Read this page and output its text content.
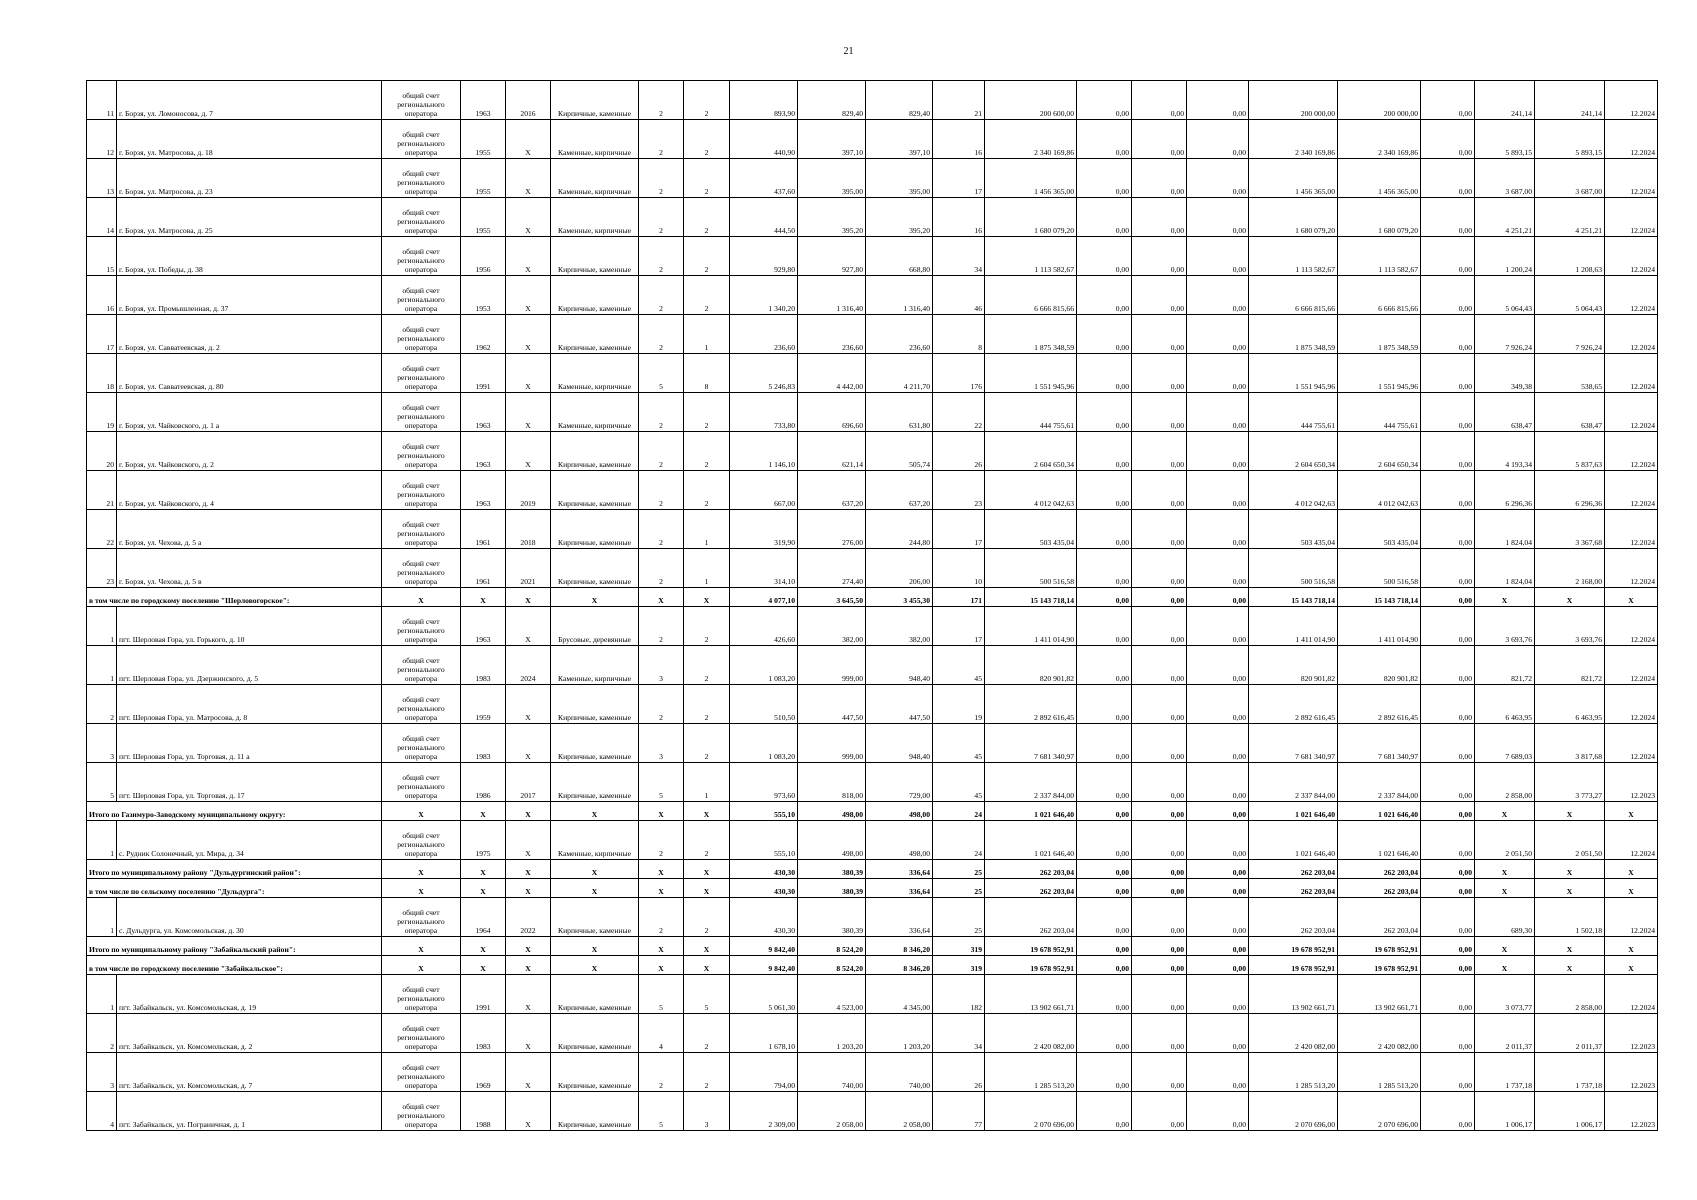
21
11	г. Борзя, ул. Ломоносова, д. 7	общий счет регионального оператора	1963	2016	Кирпичные, каменные	2	2	893,90	829,40	829,40	21	200 600,00	0,00	0,00	0,00	200 000,00	200 000,00	0,00	241,14	241,14	12.2024
12	г. Борзя, ул. Матросова, д. 18	общий счет регионального оператора	1955	Х	Каменные, кирпичные	2	2	440,90	397,10	397,10	16	2 340 169,86	0,00	0,00	0,00	2 340 169,86	2 340 169,86	0,00	5 893,15	5 893,15	12.2024
13	г. Борзя, ул. Матросова, д. 23	общий счет регионального оператора	1955	Х	Каменные, кирпичные	2	2	437,60	395,00	395,00	17	1 456 365,00	0,00	0,00	0,00	1 456 365,00	1 456 365,00	0,00	3 687,00	3 687,00	12.2024
14	г. Борзя, ул. Матросова, д. 25	общий счет регионального оператора	1955	Х	Каменные, кирпичные	2	2	444,50	395,20	395,20	16	1 680 079,20	0,00	0,00	0,00	1 680 079,20	1 680 079,20	0,00	4 251,21	4 251,21	12.2024
15	г. Борзя, ул. Победы, д. 38	общий счет регионального оператора	1956	Х	Кирпичные, каменные	2	2	929,80	927,80	668,80	34	1 113 582,67	0,00	0,00	0,00	1 113 582,67	1 113 582,67	0,00	1 200,24	1 208,63	12.2024
16	г. Борзя, ул. Промышленная, д. 37	общий счет регионального оператора	1953	Х	Кирпичные, каменные	2	2	1 340,20	1 316,40	1 316,40	46	6 666 815,66	0,00	0,00	0,00	6 666 815,66	6 666 815,66	0,00	5 064,43	5 064,43	12.2024
17	г. Борзя, ул. Савватеевская, д. 2	общий счет регионального оператора	1962	Х	Кирпичные, каменные	2	1	236,60	236,60	236,60	8	1 875 348,59	0,00	0,00	0,00	1 875 348,59	1 875 348,59	0,00	7 926,24	7 926,24	12.2024
18	г. Борзя, ул. Савватеевская, д. 80	общий счет регионального оператора	1991	Х	Каменные, кирпичные	5	8	5 246,83	4 442,00	4 211,70	176	1 551 945,96	0,00	0,00	0,00	1 551 945,96	1 551 945,96	0,00	349,38	538,65	12.2024
19	г. Борзя, ул. Чайковского, д. 1 а	общий счет регионального оператора	1963	Х	Каменные, кирпичные	2	2	733,80	696,60	631,80	22	444 755,61	0,00	0,00	0,00	444 755,61	444 755,61	0,00	638,47	638,47	12.2024
20	г. Борзя, ул. Чайковского, д. 2	общий счет регионального оператора	1963	Х	Кирпичные, каменные	2	2	1 146,10	621,14	505,74	26	2 604 650,34	0,00	0,00	0,00	2 604 650,34	2 604 650,34	0,00	4 193,34	5 837,63	12.2024
21	г. Борзя, ул. Чайковского, д. 4	общий счет регионального оператора	1963	2019	Кирпичные, каменные	2	2	667,00	637,20	637,20	23	4 012 042,63	0,00	0,00	0,00	4 012 042,63	4 012 042,63	0,00	6 296,36	6 296,36	12.2024
22	г. Борзя, ул. Чехова, д. 5 а	общий счет регионального оператора	1961	2018	Кирпичные, каменные	2	1	319,90	276,00	244,80	17	503 435,04	0,00	0,00	0,00	503 435,04	503 435,04	0,00	1 824,04	3 367,68	12.2024
23	г. Борзя, ул. Чехова, д. 5 в	общий счет регионального оператора	1961	2021	Кирпичные, каменные	2	1	314,10	274,40	206,00	10	500 516,58	0,00	0,00	0,00	500 516,58	500 516,58	0,00	1 824,04	2 168,00	12.2024
в том числе по городскому поселению "Шерловогорское":		Х	Х	Х	Х	Х	Х	4 077,10	3 645,50	3 455,30	171	15 143 718,14	0,00	0,00	0,00	15 143 718,14	15 143 718,14	0,00	Х	Х	Х
1	пгт. Шерловая Гора, ул. Горького, д. 10	общий счет регионального оператора	1963	Х	Брусовые, деревянные	2	2	426,60	382,00	382,00	17	1 411 014,90	0,00	0,00	0,00	1 411 014,90	1 411 014,90	0,00	3 693,76	3 693,76	12.2024
1	пгт. Шерловая Гора, ул. Дзержинского, д. 5	общий счет регионального оператора	1983	2024	Каменные, кирпичные	3	2	1 083,20	999,00	948,40	45	820 901,82	0,00	0,00	0,00	820 901,82	820 901,82	0,00	821,72	821,72	12.2024
2	пгт. Шерловая Гора, ул. Матросова, д. 8	общий счет регионального оператора	1959	Х	Кирпичные, каменные	2	2	510,50	447,50	447,50	19	2 892 616,45	0,00	0,00	0,00	2 892 616,45	2 892 616,45	0,00	6 463,95	6 463,95	12.2024
3	пгт. Шерловая Гора, ул. Торговая, д. 11 а	общий счет регионального оператора	1983	Х	Кирпичные, каменные	3	2	1 083,20	999,00	948,40	45	7 681 340,97	0,00	0,00	0,00	7 681 340,97	7 681 340,97	0,00	7 689,03	3 817,68	12.2024
5	пгт. Шерловая Гора, ул. Торговая, д. 17	общий счет регионального оператора	1986	2017	Кирпичные, каменные	5	1	973,60	818,00	729,00	45	2 337 844,00	0,00	0,00	0,00	2 337 844,00	2 337 844,00	0,00	2 858,00	3 773,27	12.2023
Итого по Газимуро-Заводскому муниципальному округу:		Х	Х	Х	Х	Х	Х	555,10	498,00	498,00	24	1 021 646,40	0,00	0,00	0,00	1 021 646,40	1 021 646,40	0,00	Х	Х	Х
1	с. Рудник Солонечный, ул. Мира, д. 34	общий счет регионального оператора	1975	Х	Каменные, кирпичные	2	2	555,10	498,00	498,00	24	1 021 646,40	0,00	0,00	0,00	1 021 646,40	1 021 646,40	0,00	2 051,50	2 051,50	12.2024
Итого по муниципальному району "Дульдургинский район":		Х	Х	Х	Х	Х	Х	430,30	380,39	336,64	25	262 203,04	0,00	0,00	0,00	262 203,04	262 203,04	0,00	Х	Х	Х
в том числе по сельскому поселению "Дульдурга":		Х	Х	Х	Х	Х	Х	430,30	380,39	336,64	25	262 203,04	0,00	0,00	0,00	262 203,04	262 203,04	0,00	Х	Х	Х
1	с. Дульдурга, ул. Комсомольская, д. 30	общий счет регионального оператора	1964	2022	Кирпичные, каменные	2	2	430,30	380,39	336,64	25	262 203,04	0,00	0,00	0,00	262 203,04	262 203,04	0,00	689,30	1 502,18	12.2024
Итого по муниципальному району "Забайкальский район":		Х	Х	Х	Х	Х	Х	9 842,40	8 524,20	8 346,20	319	19 678 952,91	0,00	0,00	0,00	19 678 952,91	19 678 952,91	0,00	Х	Х	Х
в том числе по городскому поселению "Забайкальское":		Х	Х	Х	Х	Х	Х	9 842,40	8 524,20	8 346,20	319	19 678 952,91	0,00	0,00	0,00	19 678 952,91	19 678 952,91	0,00	Х	Х	Х
1	пгт. Забайкальск, ул. Комсомольская, д. 19	общий счет регионального оператора	1991	Х	Кирпичные, каменные	5	5	5 061,30	4 523,00	4 345,00	182	13 902 661,71	0,00	0,00	0,00	13 902 661,71	13 902 661,71	0,00	3 073,77	2 858,00	12.2024
2	пгт. Забайкальск, ул. Комсомольская, д. 2	общий счет регионального оператора	1983	Х	Кирпичные, каменные	4	2	1 678,10	1 203,20	1 203,20	34	2 420 082,00	0,00	0,00	0,00	2 420 082,00	2 420 082,00	0,00	2 011,37	2 011,37	12.2023
3	пгт. Забайкальск, ул. Комсомольская, д. 7	общий счет регионального оператора	1969	Х	Кирпичные, каменные	2	2	794,00	740,00	740,00	26	1 285 513,20	0,00	0,00	0,00	1 285 513,20	1 285 513,20	0,00	1 737,18	1 737,18	12.2023
4	пгт. Забайкальск, ул. Пограничная, д. 1	общий счет регионального оператора	1988	Х	Кирпичные, каменные	5	3	2 309,00	2 058,00	2 058,00	77	2 070 696,00	0,00	0,00	0,00	2 070 696,00	2 070 696,00	0,00	1 006,17	1 006,17	12.2023
